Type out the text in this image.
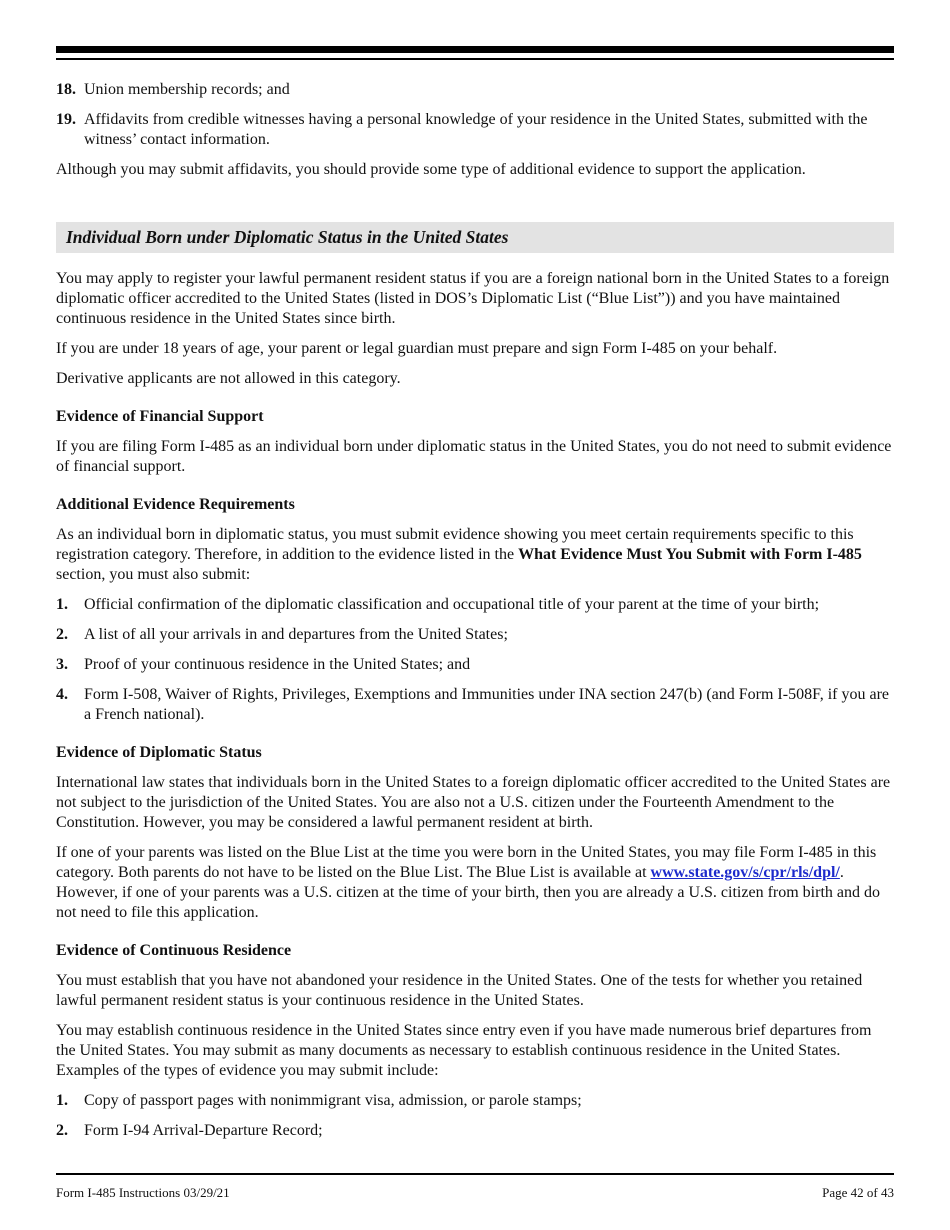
18. Union membership records; and
19. Affidavits from credible witnesses having a personal knowledge of your residence in the United States, submitted with the witness’ contact information.

Although you may submit affidavits, you should provide some type of additional evidence to support the application.

Individual Born under Diplomatic Status in the United States

You may apply to register your lawful permanent resident status if you are a foreign national born in the United States to a foreign diplomatic officer accredited to the United States (listed in DOS’s Diplomatic List (“Blue List”)) and you have maintained continuous residence in the United States since birth.

If you are under 18 years of age, your parent or legal guardian must prepare and sign Form I-485 on your behalf.

Derivative applicants are not allowed in this category.

Evidence of Financial Support

If you are filing Form I-485 as an individual born under diplomatic status in the United States, you do not need to submit evidence of financial support.

Additional Evidence Requirements

As an individual born in diplomatic status, you must submit evidence showing you meet certain requirements specific to this registration category. Therefore, in addition to the evidence listed in the What Evidence Must You Submit with Form I-485 section, you must also submit:

1.	Official confirmation of the diplomatic classification and occupational title of your parent at the time of your birth;
2.	A list of all your arrivals in and departures from the United States;
3.	Proof of your continuous residence in the United States; and
4.	Form I-508, Waiver of Rights, Privileges, Exemptions and Immunities under INA section 247(b) (and Form I-508F, if you are a French national).
Evidence of Diplomatic Status

International law states that individuals born in the United States to a foreign diplomatic officer accredited to the United States are not subject to the jurisdiction of the United States. You are also not a U.S. citizen under the Fourteenth Amendment to the Constitution. However, you may be considered a lawful permanent resident at birth.

If one of your parents was listed on the Blue List at the time you were born in the United States, you may file Form I-485 in this category. Both parents do not have to be listed on the Blue List. The Blue List is available at www.state.gov/s/cpr/rls/dpl/. However, if one of your parents was a U.S. citizen at the time of your birth, then you are already a U.S. citizen from birth and do not need to file this application.

Evidence of Continuous Residence

You must establish that you have not abandoned your residence in the United States. One of the tests for whether you retained lawful permanent resident status is your continuous residence in the United States.

You may establish continuous residence in the United States since entry even if you have made numerous brief departures from the United States. You may submit as many documents as necessary to establish continuous residence in the United States. Examples of the types of evidence you may submit include:

1.	Copy of passport pages with nonimmigrant visa, admission, or parole stamps;
2.	Form I-94 Arrival-Departure Record;
Form I-485 Instructions 03/29/21	Page 42 of 43
